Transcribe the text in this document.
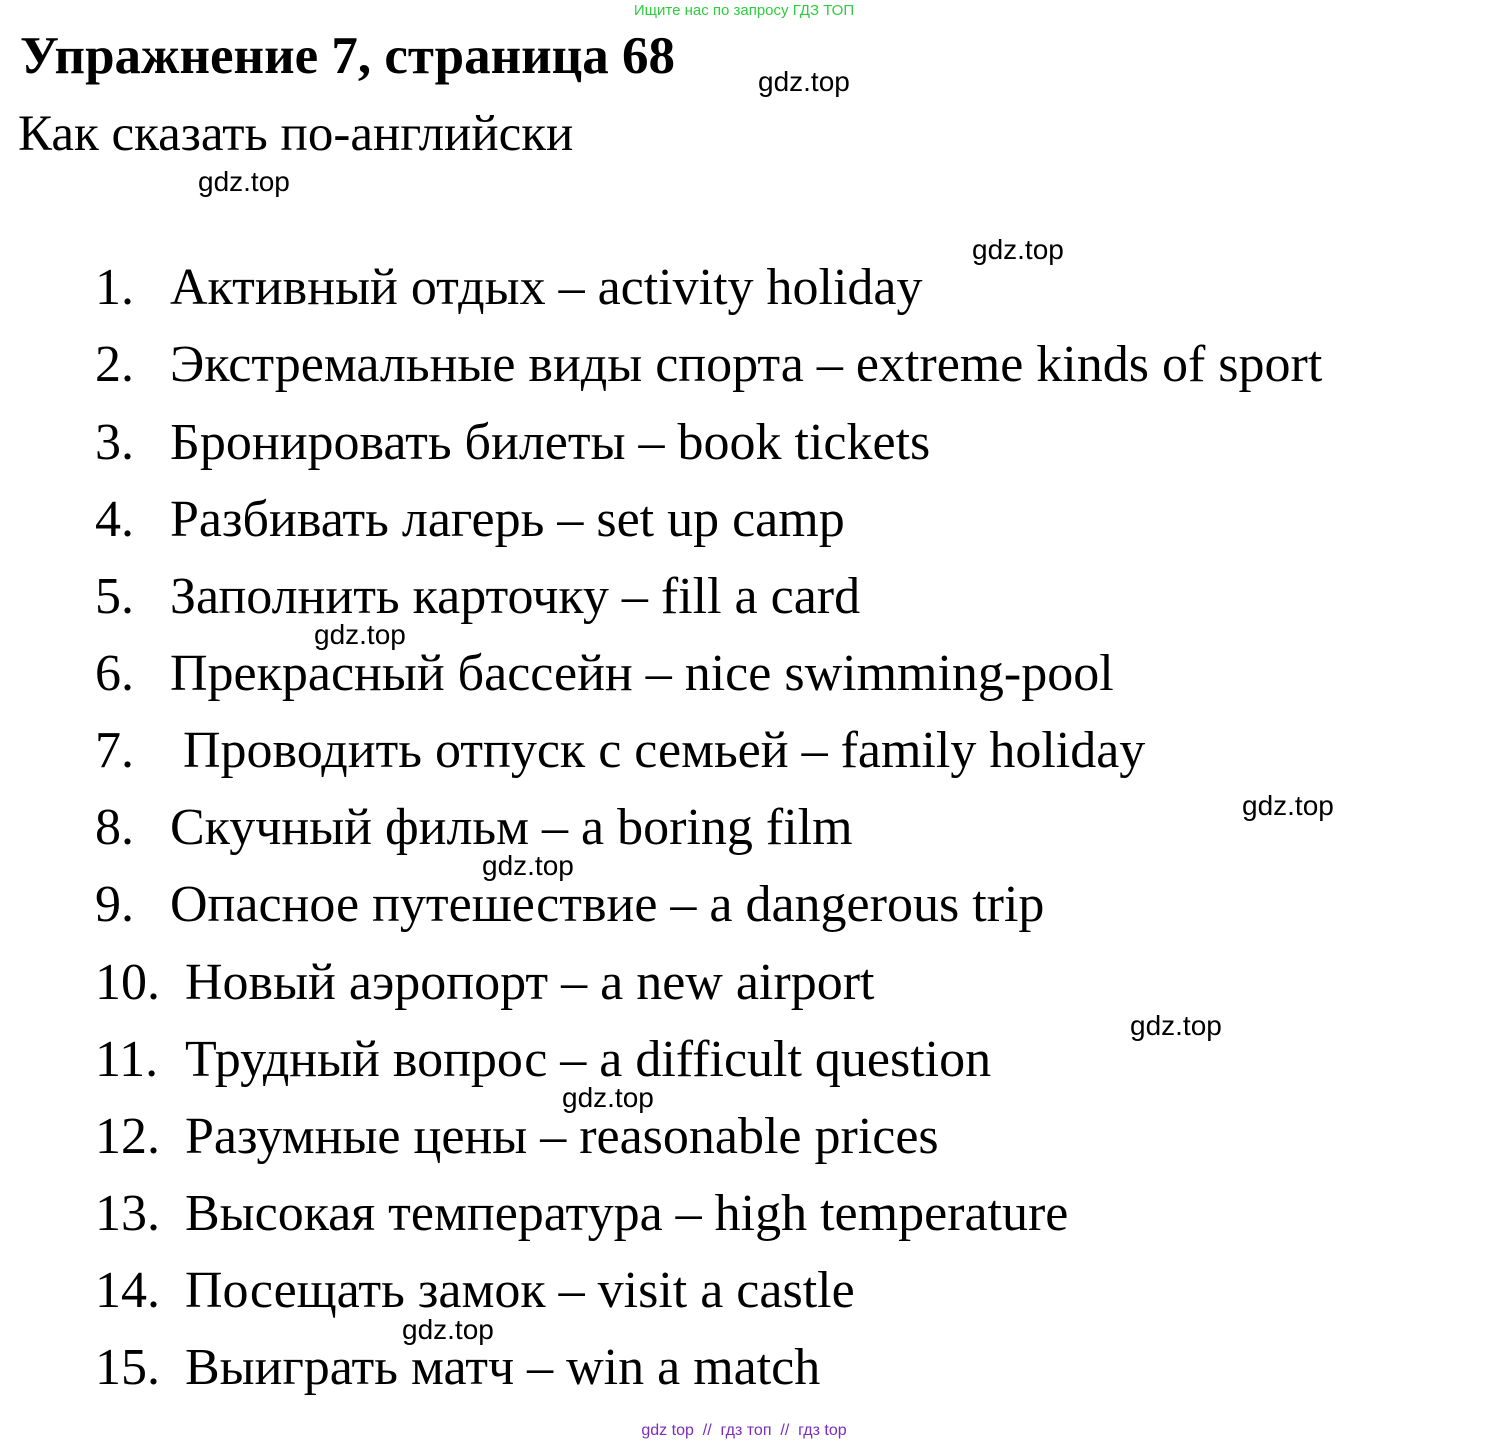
Ищите нас по запросу ГДЗ ТОП
Упражнение 7, страница 68
Как сказать по-английски
gdz.top
gdz.top
gdz.top
gdz.top
gdz.top
gdz.top
gdz.top
gdz.top
gdz.top
1. Активный отдых – activity holiday
2. Экстремальные виды спорта – extreme kinds of sport
3. Бронировать билеты – book tickets
4. Разбивать лагерь – set up camp
5. Заполнить карточку – fill a card
6. Прекрасный бассейн – nice swimming-pool
7. Проводить отпуск с семьей – family holiday
8. Скучный фильм – a boring film
9. Опасное путешествие – a dangerous trip
10. Новый аэропорт – a new airport
11. Трудный вопрос – a difficult question
12. Разумные цены – reasonable prices
13. Высокая температура – high temperature
14. Посещать замок – visit a castle
15. Выиграть матч – win a match
gdz top  //  гдз топ  //  гдз top
